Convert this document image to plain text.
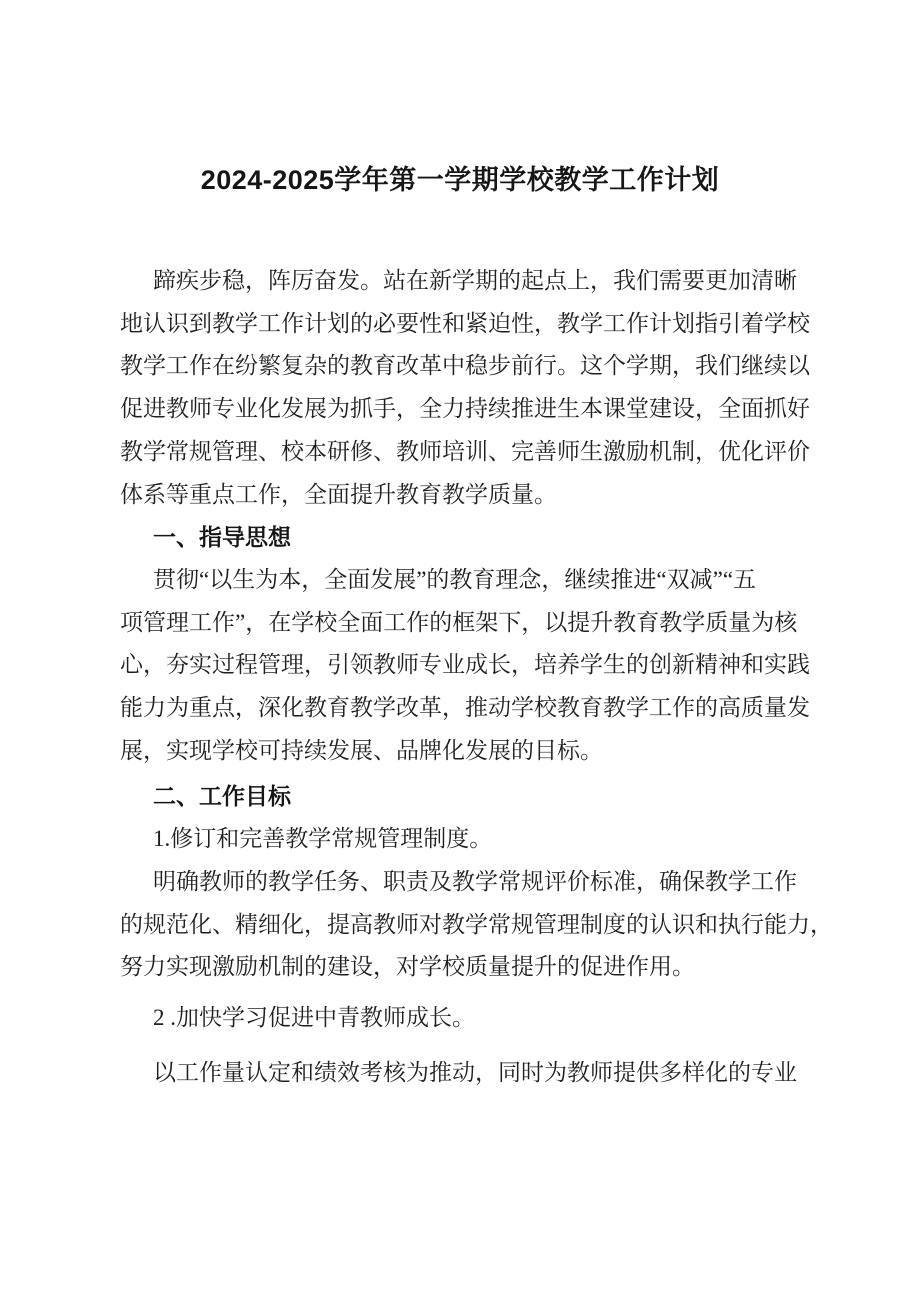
2024-2025学年第一学期学校教学工作计划
蹄疾步稳，阵厉奋发。站在新学期的起点上，我们需要更加清晰
地认识到教学工作计划的必要性和紧迫性，教学工作计划指引着学校
教学工作在纷繁复杂的教育改革中稳步前行。这个学期，我们继续以
促进教师专业化发展为抓手，全力持续推进生本课堂建设，全面抓好
教学常规管理、校本研修、教师培训、完善师生激励机制，优化评价
体系等重点工作，全面提升教育教学质量。
一、指导思想
贯彻“以生为本，全面发展”的教育理念，继续推进“双减”“五
项管理工作”，在学校全面工作的框架下，以提升教育教学质量为核
心，夯实过程管理，引领教师专业成长，培养学生的创新精神和实践
能力为重点，深化教育教学改革，推动学校教育教学工作的高质量发
展，实现学校可持续发展、品牌化发展的目标。
二、工作目标
1.修订和完善教学常规管理制度。
明确教师的教学任务、职责及教学常规评价标准，确保教学工作
的规范化、精细化，提高教师对教学常规管理制度的认识和执行能力，
努力实现激励机制的建设，对学校质量提升的促进作用。
2 .加快学习促进中青教师成长。
以工作量认定和绩效考核为推动，同时为教师提供多样化的专业
